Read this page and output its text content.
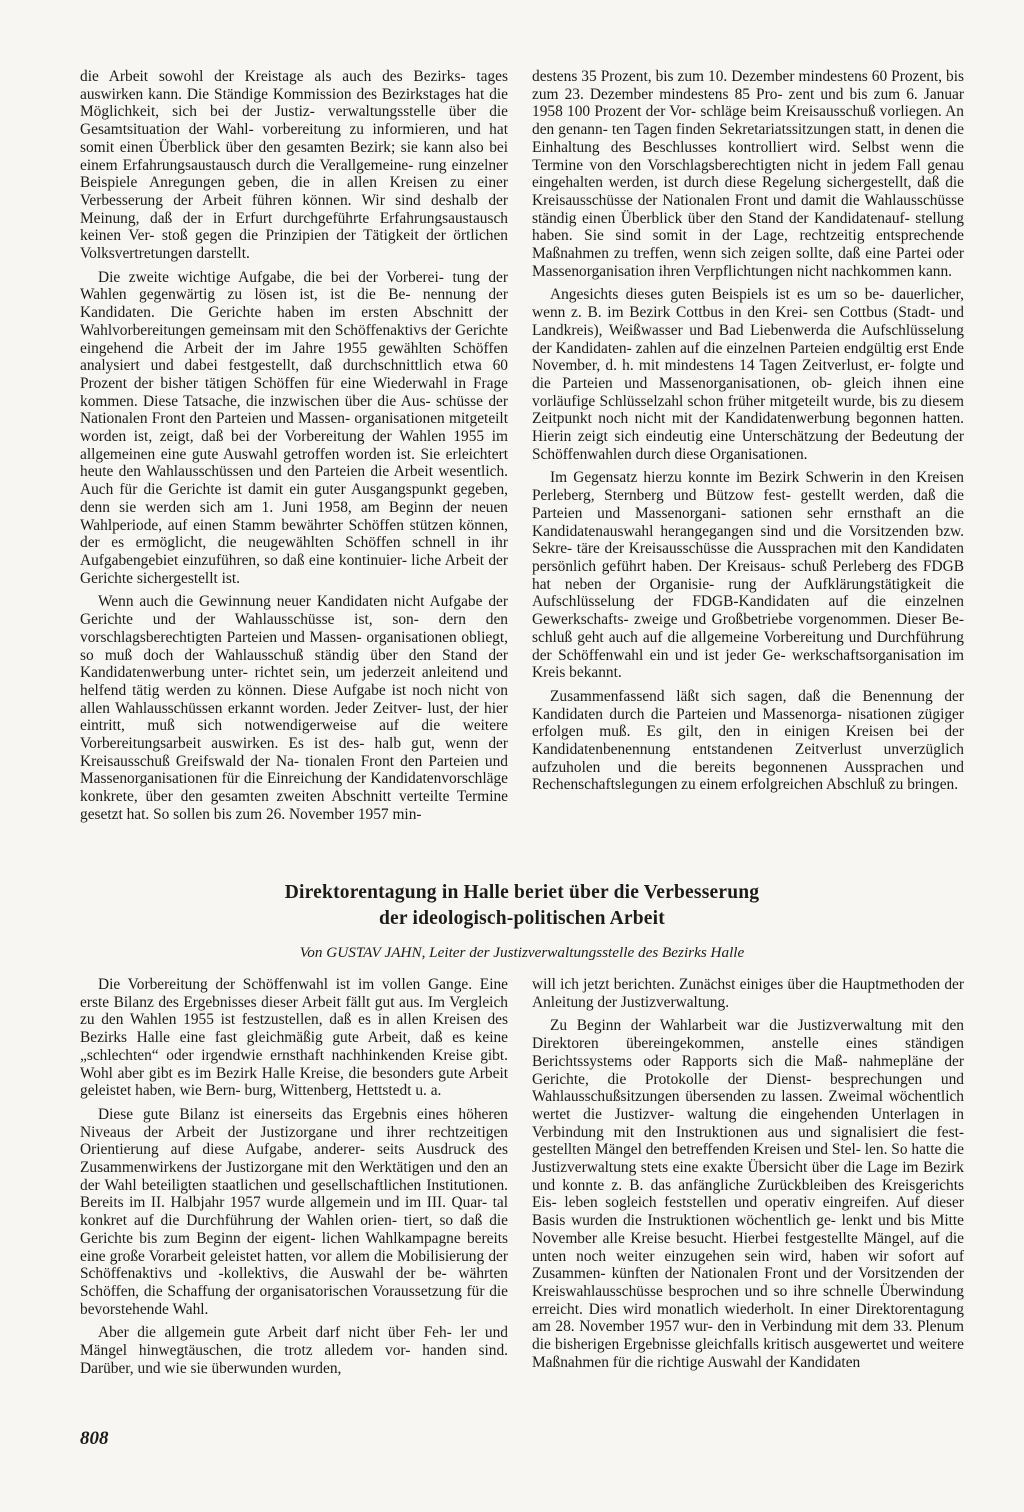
die Arbeit sowohl der Kreistage als auch des Bezirks- tages auswirken kann. Die Ständige Kommission des Bezirkstages hat die Möglichkeit, sich bei der Justiz- verwaltungsstelle über die Gesamtsituation der Wahl- vorbereitung zu informieren, und hat somit einen Überblick über den gesamten Bezirk; sie kann also bei einem Erfahrungsaustausch durch die Verallgemeine- rung einzelner Beispiele Anregungen geben, die in allen Kreisen zu einer Verbesserung der Arbeit führen können. Wir sind deshalb der Meinung, daß der in Erfurt durchgeführte Erfahrungsaustausch keinen Ver- stoß gegen die Prinzipien der Tätigkeit der örtlichen Volksvertretungen darstellt.

Die zweite wichtige Aufgabe, die bei der Vorberei- tung der Wahlen gegenwärtig zu lösen ist, ist die Be- nennung der Kandidaten. Die Gerichte haben im ersten Abschnitt der Wahlvorbereitungen gemeinsam mit den Schöffenaktivs der Gerichte eingehend die Arbeit der im Jahre 1955 gewählten Schöffen analysiert und dabei festgestellt, daß durchschnittlich etwa 60 Prozent der bisher tätigen Schöffen für eine Wiederwahl in Frage kommen. Diese Tatsache, die inzwischen über die Aus- schüsse der Nationalen Front den Parteien und Massen- organisationen mitgeteilt worden ist, zeigt, daß bei der Vorbereitung der Wahlen 1955 im allgemeinen eine gute Auswahl getroffen worden ist. Sie erleichtert heute den Wahlausschüssen und den Parteien die Arbeit wesentlich. Auch für die Gerichte ist damit ein guter Ausgangspunkt gegeben, denn sie werden sich am 1. Juni 1958, am Beginn der neuen Wahlperiode, auf einen Stamm bewährter Schöffen stützen können, der es ermöglicht, die neugewählten Schöffen schnell in ihr Aufgabengebiet einzuführen, so daß eine kontinuier- liche Arbeit der Gerichte sichergestellt ist.

Wenn auch die Gewinnung neuer Kandidaten nicht Aufgabe der Gerichte und der Wahlausschüsse ist, son- dern den vorschlagsberechtigten Parteien und Massen- organisationen obliegt, so muß doch der Wahlausschuß ständig über den Stand der Kandidatenwerbung unter- richtet sein, um jederzeit anleitend und helfend tätig werden zu können. Diese Aufgabe ist noch nicht von allen Wahlausschüssen erkannt worden. Jeder Zeitver- lust, der hier eintritt, muß sich notwendigerweise auf die weitere Vorbereitungsarbeit auswirken. Es ist des- halb gut, wenn der Kreisausschuß Greifswald der Na- tionalen Front den Parteien und Massenorganisationen für die Einreichung der Kandidatenvorschläge konkrete, über den gesamten zweiten Abschnitt verteilte Termine gesetzt hat. So sollen bis zum 26. November 1957 min-

destens 35 Prozent, bis zum 10. Dezember mindestens 60 Prozent, bis zum 23. Dezember mindestens 85 Pro- zent und bis zum 6. Januar 1958 100 Prozent der Vor- schläge beim Kreisausschuß vorliegen. An den genann- ten Tagen finden Sekretariatssitzungen statt, in denen die Einhaltung des Beschlusses kontrolliert wird. Selbst wenn die Termine von den Vorschlagsberechtigten nicht in jedem Fall genau eingehalten werden, ist durch diese Regelung sichergestellt, daß die Kreisausschüsse der Nationalen Front und damit die Wahlausschüsse ständig einen Überblick über den Stand der Kandidatenauf- stellung haben. Sie sind somit in der Lage, rechtzeitig entsprechende Maßnahmen zu treffen, wenn sich zeigen sollte, daß eine Partei oder Massenorganisation ihren Verpflichtungen nicht nachkommen kann.

Angesichts dieses guten Beispiels ist es um so be- dauerlicher, wenn z. B. im Bezirk Cottbus in den Krei- sen Cottbus (Stadt- und Landkreis), Weißwasser und Bad Liebenwerda die Aufschlüsselung der Kandidaten- zahlen auf die einzelnen Parteien endgültig erst Ende November, d. h. mit mindestens 14 Tagen Zeitverlust, er- folgte und die Parteien und Massenorganisationen, ob- gleich ihnen eine vorläufige Schlüsselzahl schon früher mitgeteilt wurde, bis zu diesem Zeitpunkt noch nicht mit der Kandidatenwerbung begonnen hatten. Hierin zeigt sich eindeutig eine Unterschätzung der Bedeutung der Schöffenwahlen durch diese Organisationen.

Im Gegensatz hierzu konnte im Bezirk Schwerin in den Kreisen Perleberg, Sternberg und Bützow fest- gestellt werden, daß die Parteien und Massenorgani- sationen sehr ernsthaft an die Kandidatenauswahl herangegangen sind und die Vorsitzenden bzw. Sekre- täre der Kreisausschüsse die Aussprachen mit den Kandidaten persönlich geführt haben. Der Kreisaus- schuß Perleberg des FDGB hat neben der Organisie- rung der Aufklärungstätigkeit die Aufschlüsselung der FDGB-Kandidaten auf die einzelnen Gewerkschafts- zweige und Großbetriebe vorgenommen. Dieser Be- schluß geht auch auf die allgemeine Vorbereitung und Durchführung der Schöffenwahl ein und ist jeder Ge- werkschaftsorganisation im Kreis bekannt.

Zusammenfassend läßt sich sagen, daß die Benennung der Kandidaten durch die Parteien und Massenorga- nisationen zügiger erfolgen muß. Es gilt, den in einigen Kreisen bei der Kandidatenbenennung entstandenen Zeitverlust unverzüglich aufzuholen und die bereits begonnenen Aussprachen und Rechenschaftslegungen zu einem erfolgreichen Abschluß zu bringen.

Direktorentagung in Halle beriet über die Verbesserung
der ideologisch-politischen Arbeit
Von GUSTAV JAHN, Leiter der Justizverwaltungsstelle des Bezirks Halle

Die Vorbereitung der Schöffenwahl ist im vollen Gange. Eine erste Bilanz des Ergebnisses dieser Arbeit fällt gut aus. Im Vergleich zu den Wahlen 1955 ist festzustellen, daß es in allen Kreisen des Bezirks Halle eine fast gleichmäßig gute Arbeit, daß es keine „schlechten“ oder irgendwie ernsthaft nachhinkenden Kreise gibt. Wohl aber gibt es im Bezirk Halle Kreise, die besonders gute Arbeit geleistet haben, wie Bern- burg, Wittenberg, Hettstedt u. a.

Diese gute Bilanz ist einerseits das Ergebnis eines höheren Niveaus der Arbeit der Justizorgane und ihrer rechtzeitigen Orientierung auf diese Aufgabe, anderer- seits Ausdruck des Zusammenwirkens der Justizorgane mit den Werktätigen und den an der Wahl beteiligten staatlichen und gesellschaftlichen Institutionen. Bereits im II. Halbjahr 1957 wurde allgemein und im III. Quar- tal konkret auf die Durchführung der Wahlen orien- tiert, so daß die Gerichte bis zum Beginn der eigent- lichen Wahlkampagne bereits eine große Vorarbeit geleistet hatten, vor allem die Mobilisierung der Schöffenaktivs und -kollektivs, die Auswahl der be- währten Schöffen, die Schaffung der organisatorischen Voraussetzung für die bevorstehende Wahl.

Aber die allgemein gute Arbeit darf nicht über Feh- ler und Mängel hinwegtäuschen, die trotz alledem vor- handen sind. Darüber, und wie sie überwunden wurden,

will ich jetzt berichten. Zunächst einiges über die Hauptmethoden der Anleitung der Justizverwaltung.

Zu Beginn der Wahlarbeit war die Justizverwaltung mit den Direktoren übereingekommen, anstelle eines ständigen Berichtssystems oder Rapports sich die Maß- nahmepläne der Gerichte, die Protokolle der Dienst- besprechungen und Wahlausschußsitzungen übersenden zu lassen. Zweimal wöchentlich wertet die Justizver- waltung die eingehenden Unterlagen in Verbindung mit den Instruktionen aus und signalisiert die fest- gestellten Mängel den betreffenden Kreisen und Stel- len. So hatte die Justizverwaltung stets eine exakte Übersicht über die Lage im Bezirk und konnte z. B. das anfängliche Zurückbleiben des Kreisgerichts Eis- leben sogleich feststellen und operativ eingreifen. Auf dieser Basis wurden die Instruktionen wöchentlich ge- lenkt und bis Mitte November alle Kreise besucht. Hierbei festgestellte Mängel, auf die unten noch weiter einzugehen sein wird, haben wir sofort auf Zusammen- künften der Nationalen Front und der Vorsitzenden der Kreiswahlausschüsse besprochen und so ihre schnelle Überwindung erreicht. Dies wird monatlich wiederholt. In einer Direktorentagung am 28. November 1957 wur- den in Verbindung mit dem 33. Plenum die bisherigen Ergebnisse gleichfalls kritisch ausgewertet und weitere Maßnahmen für die richtige Auswahl der Kandidaten

808
